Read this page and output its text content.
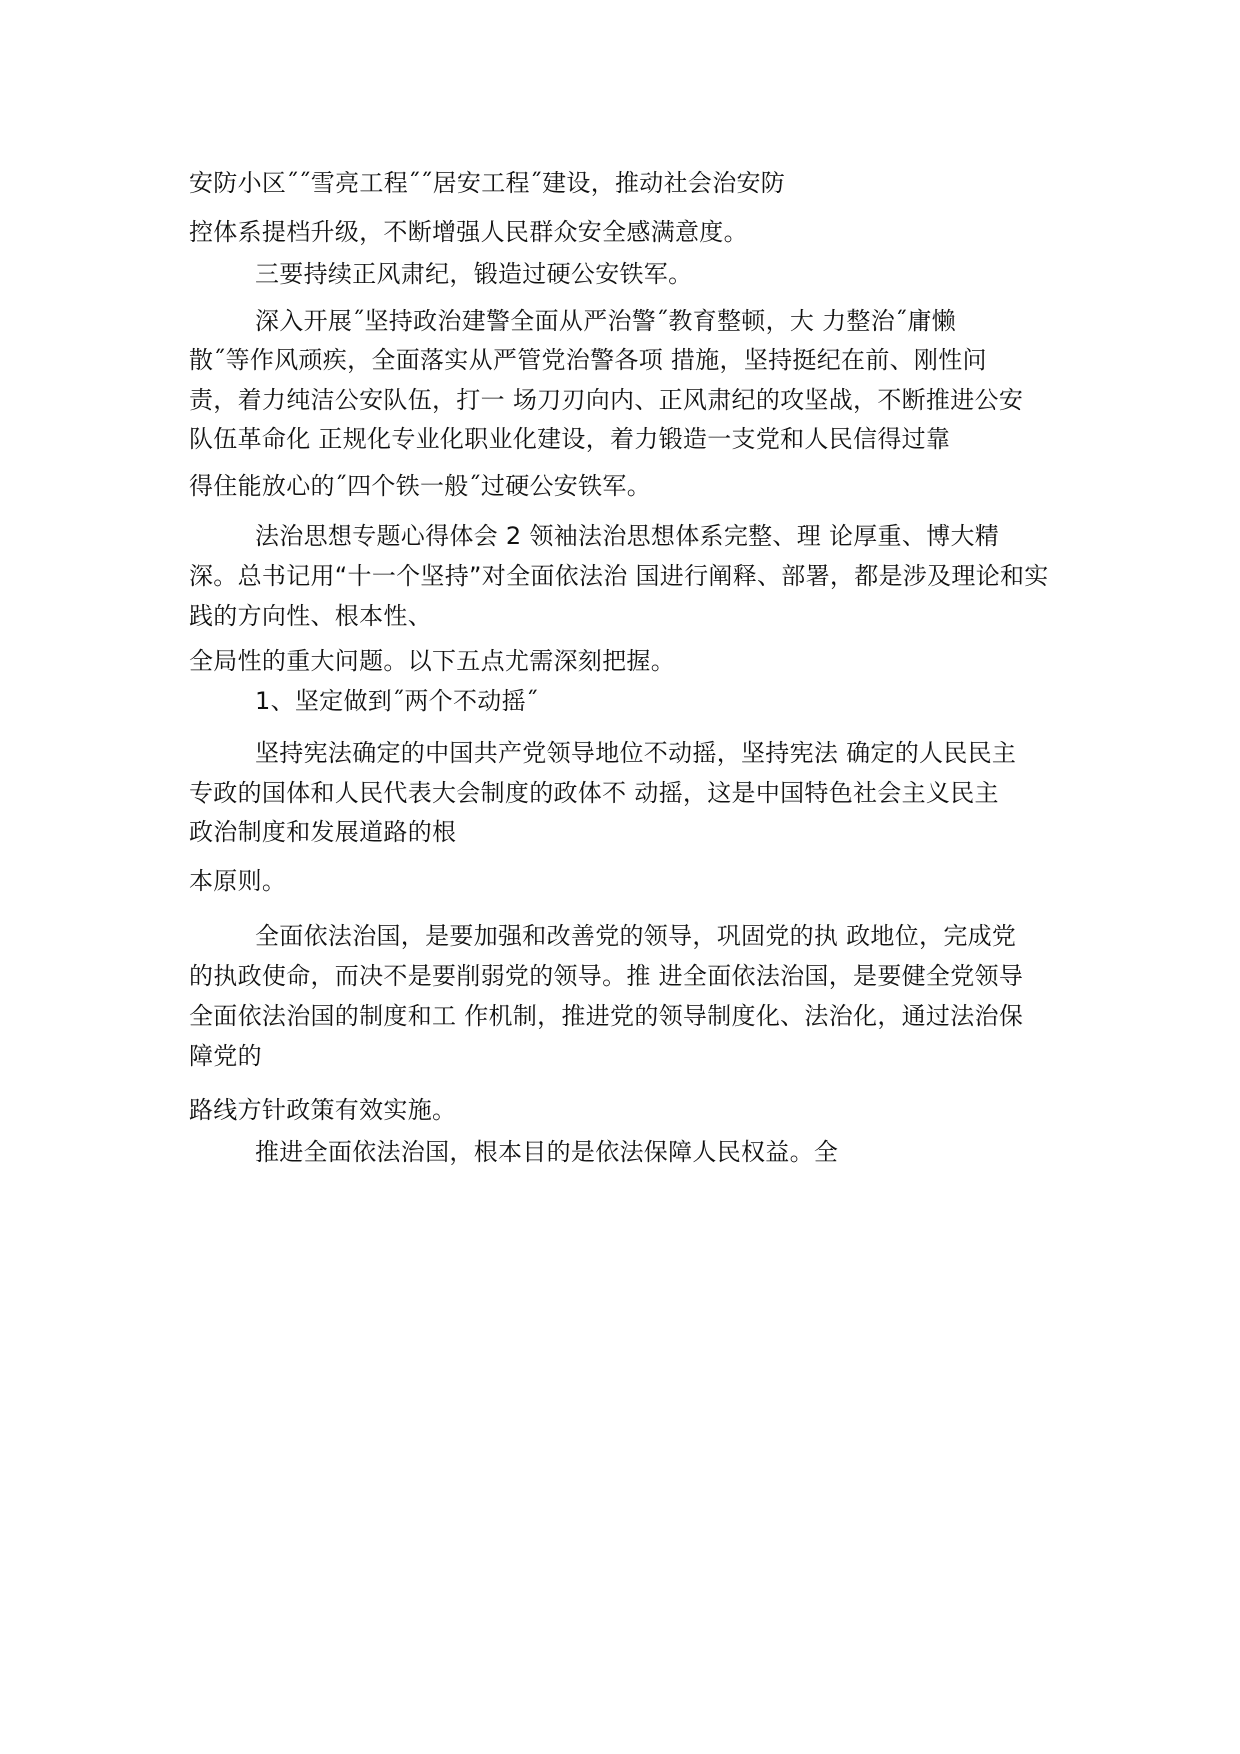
安防小区˝˝雪亮工程˝˝居安工程˝建设，推动社会治安防
控体系提档升级，不断增强人民群众安全感满意度。
三要持续正风肃纪，锻造过硬公安铁军。
深入开展˝坚持政治建警全面从严治警˝教育整顿，大 力整治˝庸懒
散˝等作风顽疾，全面落实从严管党治警各项 措施，坚持挺纪在前、刚性问
责，着力纯洁公安队伍，打一 场刀刃向内、正风肃纪的攻坚战，不断推进公安
队伍革命化 正规化专业化职业化建设，着力锻造一支党和人民信得过靠
得住能放心的˝四个铁一般˝过硬公安铁军。
法治思想专题心得体会 2 领袖法治思想体系完整、理 论厚重、博大精
深。总书记用“十一个坚持”对全面依法治 国进行阐释、部署，都是涉及理论和实
践的方向性、根本性、
全局性的重大问题。以下五点尤需深刻把握。
1、坚定做到˝两个不动摇˝
坚持宪法确定的中国共产党领导地位不动摇，坚持宪法 确定的人民民主
专政的国体和人民代表大会制度的政体不 动摇，这是中国特色社会主义民主
政治制度和发展道路的根
本原则。
全面依法治国，是要加强和改善党的领导，巩固党的执 政地位，完成党
的执政使命，而决不是要削弱党的领导。推 进全面依法治国，是要健全党领导
全面依法治国的制度和工 作机制，推进党的领导制度化、法治化，通过法治保
障党的
路线方针政策有效实施。
推进全面依法治国，根本目的是依法保障人民权益。全
